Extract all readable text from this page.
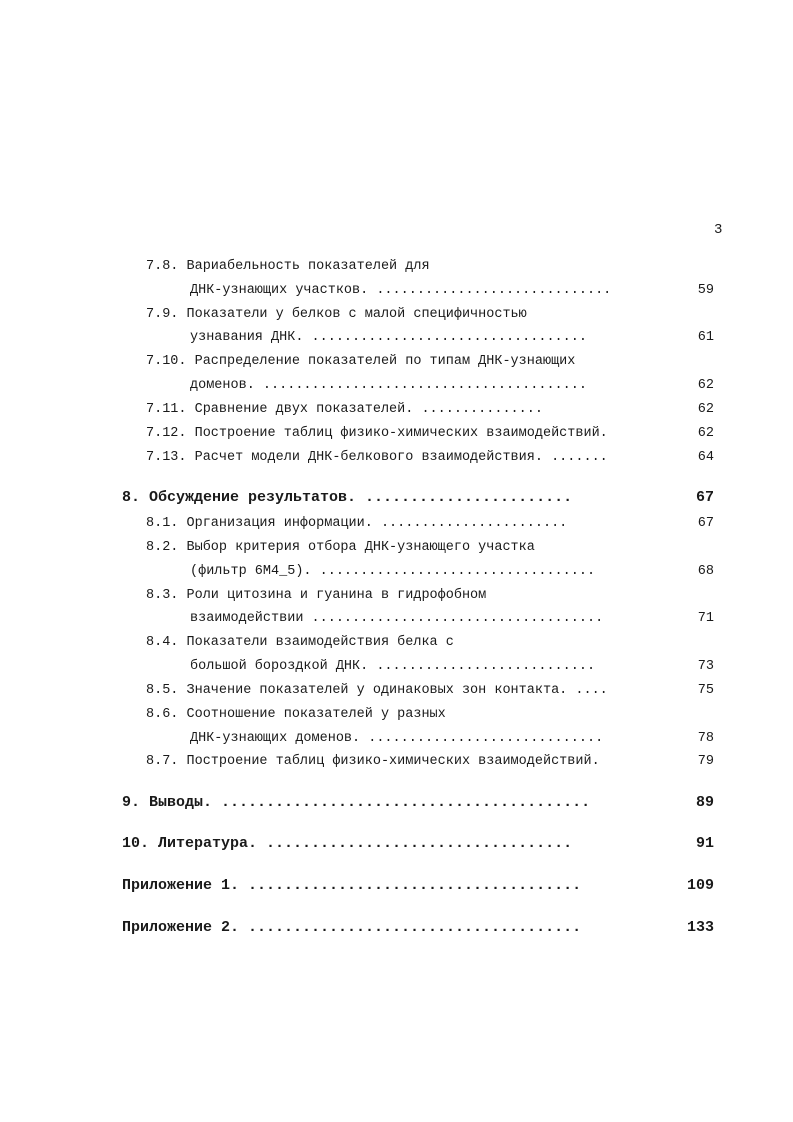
3
7.8. Вариабельность показателей для
ДНК-узнающих участков. .............................	59
7.9. Показатели у белков с малой специфичностью
узнавания ДНК. ..................................	61
7.10. Распределение показателей по типам ДНК-узнающих
доменов. ........................................	62
7.11. Сравнение двух показателей. ...............	62
7.12. Построение таблиц физико-химических взаимодействий.	62
7.13. Расчет модели ДНК-белкового взаимодействия. .......	64
8. Обсуждение результатов. .......................	67
8.1. Организация информации. .......................	67
8.2. Выбор критерия отбора ДНК-узнающего участка
(фильтр 6М4_5). ..................................	68
8.3. Роли цитозина и гуанина в гидрофобном
взаимодействии ....................................	71
8.4. Показатели взаимодействия белка с
большой бороздкой ДНК. ...........................	73
8.5. Значение показателей у одинаковых зон контакта. ....	75
8.6. Соотношение показателей у разных
ДНК-узнающих доменов. .............................	78
8.7. Построение таблиц физико-химических взаимодействий.	79
9. Выводы. .........................................	89
10. Литература. ..................................	91
Приложение 1. .....................................	109
Приложение 2. .....................................	133
